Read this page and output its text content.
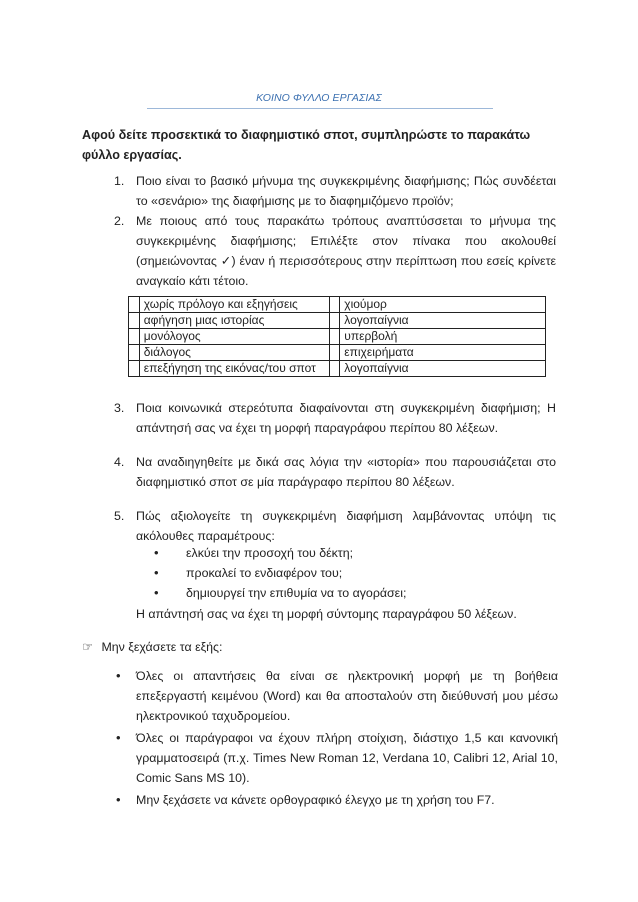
ΚΟΙΝΟ ΦΥΛΛΟ ΕΡΓΑΣΙΑΣ
Αφού δείτε προσεκτικά το διαφημιστικό σποτ, συμπληρώστε το παρακάτω φύλλο εργασίας.
1. Ποιο είναι το βασικό μήνυμα της συγκεκριμένης διαφήμισης; Πώς συνδέεται το «σενάριο» της διαφήμισης με το διαφημιζόμενο προϊόν;
2. Με ποιους από τους παρακάτω τρόπους αναπτύσσεται το μήνυμα της συγκεκριμένης διαφήμισης; Επιλέξτε στον πίνακα που ακολουθεί (σημειώνοντας ✓) έναν ή περισσότερους στην περίπτωση που εσείς κρίνετε αναγκαίο κάτι τέτοιο.
	χωρίς πρόλογο και εξηγήσεις		χιούμορ
	αφήγηση μιας ιστορίας		λογοπαίγνια
	μονόλογος		υπερβολή
	διάλογος		επιχειρήματα
	επεξήγηση της εικόνας/του σποτ		λογοπαίγνια
3. Ποια κοινωνικά στερεότυπα διαφαίνονται στη συγκεκριμένη διαφήμιση; Η απάντησή σας να έχει τη μορφή παραγράφου περίπου 80 λέξεων.
4. Να αναδιηγηθείτε με δικά σας λόγια την «ιστορία» που παρουσιάζεται στο διαφημιστικό σποτ σε μία παράγραφο περίπου 80 λέξεων.
5. Πώς αξιολογείτε τη συγκεκριμένη διαφήμιση λαμβάνοντας υπόψη τις ακόλουθες παραμέτρους:
• ελκύει την προσοχή του δέκτη;
• προκαλεί το ενδιαφέρον του;
• δημιουργεί την επιθυμία να το αγοράσει;
Η απάντησή σας να έχει τη μορφή σύντομης παραγράφου 50 λέξεων.
☞ Μην ξεχάσετε τα εξής:
• Όλες οι απαντήσεις θα είναι σε ηλεκτρονική μορφή με τη βοήθεια επεξεργαστή κειμένου (Word) και θα αποσταλούν στη διεύθυνσή μου μέσω ηλεκτρονικού ταχυδρομείου.
• Όλες οι παράγραφοι να έχουν πλήρη στοίχιση, διάστιχο 1,5 και κανονική γραμματοσειρά (π.χ. Times New Roman 12, Verdana 10, Calibri 12, Arial 10, Comic Sans MS 10).
• Μην ξεχάσετε να κάνετε ορθογραφικό έλεγχο με τη χρήση του F7.
